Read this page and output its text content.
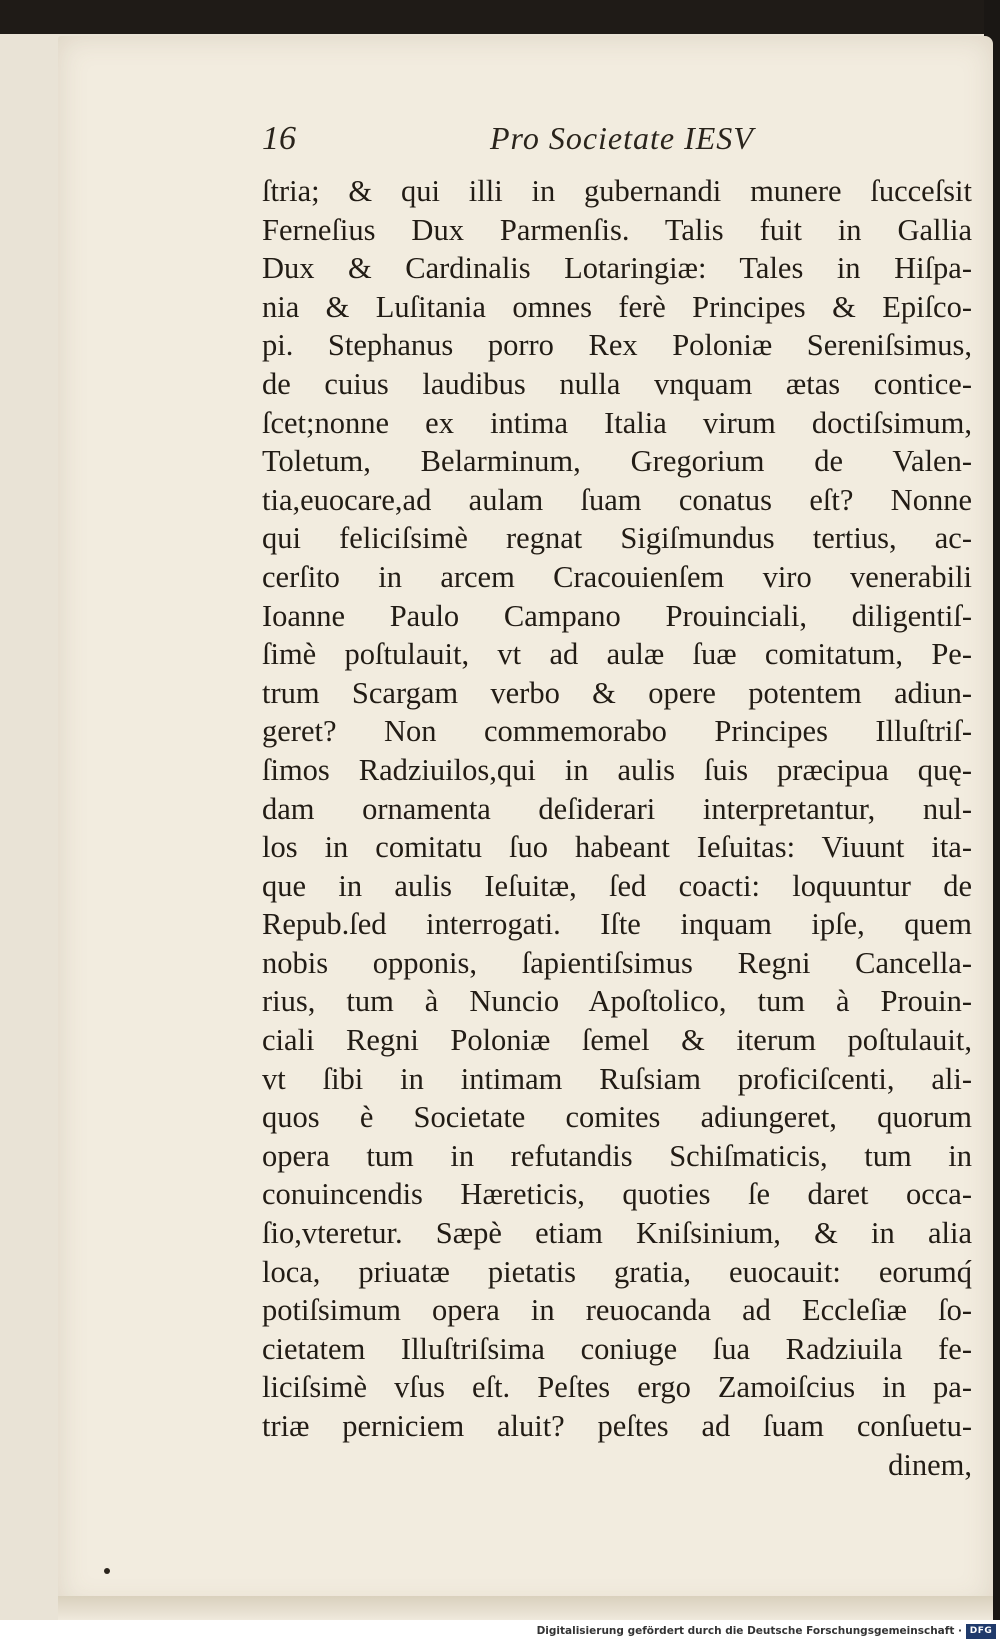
16	Pro Societate IESV
ſtria; & qui illi in gubernandi munere ſucceſsit
Ferneſius Dux Parmenſis. Talis fuit in Gallia
Dux & Cardinalis Lotaringiæ: Tales in Hiſpa-
nia & Luſitania omnes ferè Principes & Epiſco-
pi. Stephanus porro Rex Poloniæ Sereniſsimus,
de cuius laudibus nulla vnquam ætas contice-
ſcet;nonne ex intima Italia virum doctiſsimum,
Toletum, Belarminum, Gregorium de Valen-
tia,euocare,ad aulam ſuam conatus eſt? Nonne
qui feliciſsimè regnat Sigiſmundus tertius, ac-
cerſito in arcem Cracouienſem viro venerabili
Ioanne Paulo Campano Prouinciali, diligentiſ-
ſimè poſtulauit, vt ad aulæ ſuæ comitatum, Pe-
trum Scargam verbo & opere potentem adiun-
geret? Non commemorabo Principes Illuſtriſ-
ſimos Radziuilos,qui in aulis ſuis præcipua quę-
dam ornamenta deſiderari interpretantur, nul-
los in comitatu ſuo habeant Ieſuitas: Viuunt ita-
que in aulis Ieſuitæ, ſed coacti: loquuntur de
Repub.ſed interrogati. Iſte inquam ipſe, quem
nobis opponis, ſapientiſsimus Regni Cancella-
rius, tum à Nuncio Apoſtolico, tum à Prouin-
ciali Regni Poloniæ ſemel & iterum poſtulauit,
vt ſibi in intimam Ruſsiam proficiſcenti, ali-
quos è Societate comites adiungeret, quorum
opera tum in refutandis Schiſmaticis, tum in
conuincendis Hæreticis, quoties ſe daret occa-
ſio,vteretur. Sæpè etiam Kniſsinium, & in alia
loca, priuatæ pietatis gratia, euocauit: eorumq́
potiſsimum opera in reuocanda ad Eccleſiæ ſo-
cietatem Illuſtriſsima coniuge ſua Radziuila fe-
liciſsimè vſus eſt. Peſtes ergo Zamoiſcius in pa-
triæ perniciem aluit? peſtes ad ſuam conſuetu-
dinem,
Digitalisierung gefördert durch die Deutsche Forschungsgemeinschaft · DFG
